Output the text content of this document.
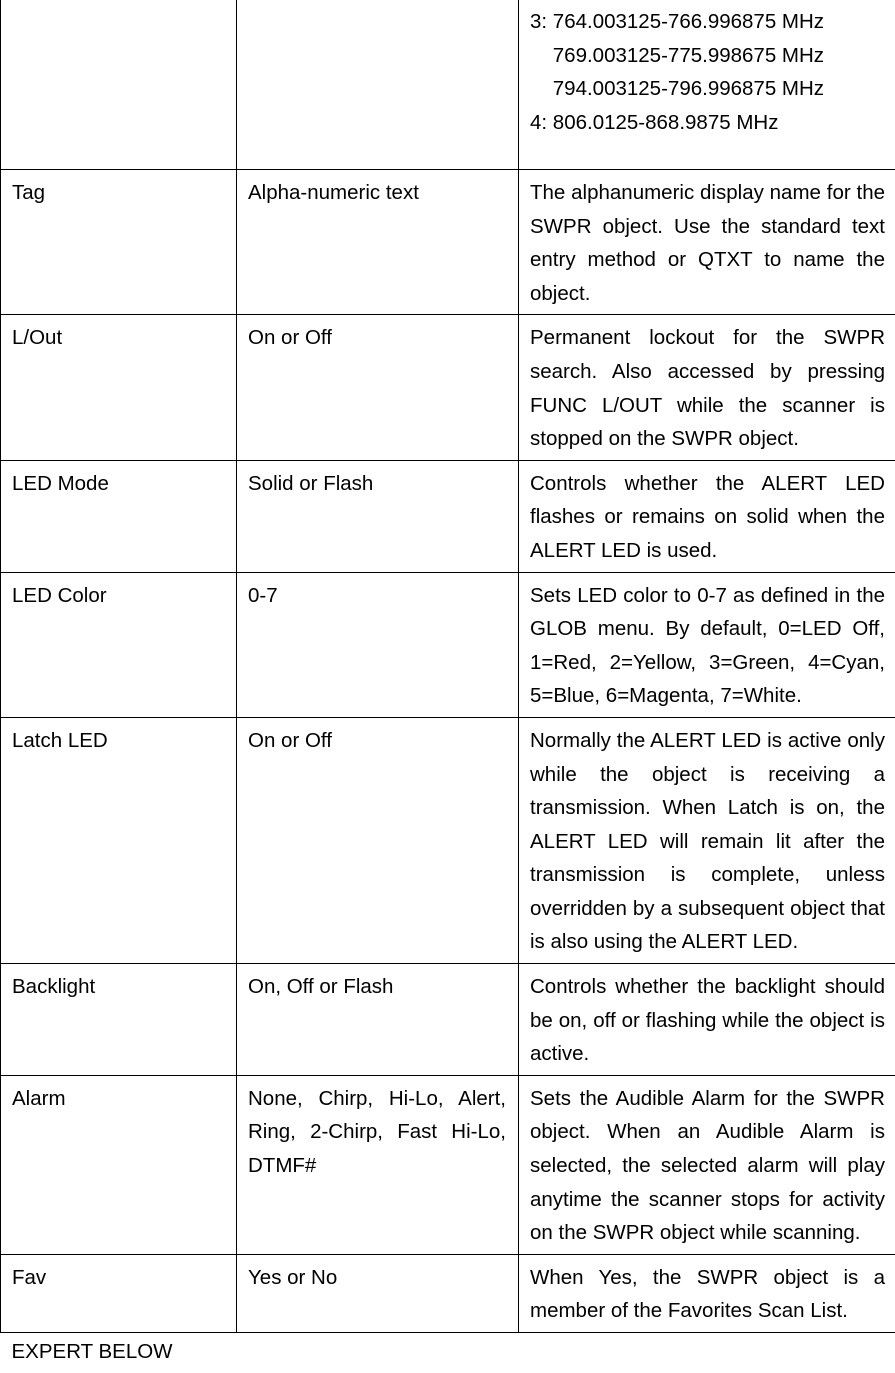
		3: 764.003125-766.996875 MHz
769.003125-775.998675 MHz
794.003125-796.996875 MHz
4: 806.0125-868.9875 MHz

Tag	Alpha-numeric text	The alphanumeric display name for the SWPR object. Use the standard text entry method or QTXT to name the object.
L/Out	On or Off	Permanent lockout for the SWPR search. Also accessed by pressing FUNC L/OUT while the scanner is stopped on the SWPR object.
LED Mode	Solid or Flash	Controls whether the ALERT LED flashes or remains on solid when the ALERT LED is used.
LED Color	0-7	Sets LED color to 0-7 as defined in the GLOB menu. By default, 0=LED Off, 1=Red, 2=Yellow, 3=Green, 4=Cyan, 5=Blue, 6=Magenta, 7=White.
Latch LED	On or Off	Normally the ALERT LED is active only while the object is receiving a transmission. When Latch is on, the ALERT LED will remain lit after the transmission is complete, unless overridden by a subsequent object that is also using the ALERT LED.
Backlight	On, Off or Flash	Controls whether the backlight should be on, off or flashing while the object is active.
Alarm	None, Chirp, Hi-Lo, Alert, Ring, 2-Chirp, Fast Hi-Lo, DTMF#	Sets the Audible Alarm for the SWPR object. When an Audible Alarm is selected, the selected alarm will play anytime the scanner stops for activity on the SWPR object while scanning.
Fav	Yes or No	When Yes, the SWPR object is a member of the Favorites Scan List.
EXPERT BELOW		
